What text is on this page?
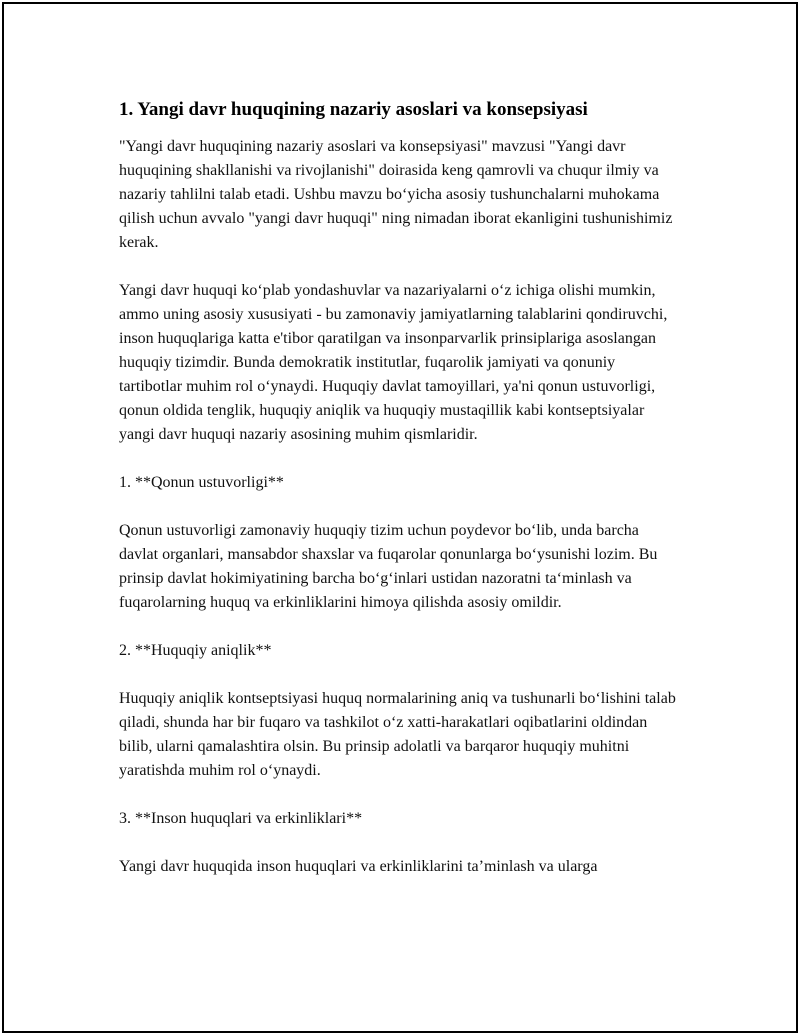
1. Yangi davr huquqining nazariy asoslari va konsepsiyasi

"Yangi davr huquqining nazariy asoslari va konsepsiyasi" mavzusi "Yangi davr huquqining shakllanishi va rivojlanishi" doirasida keng qamrovli va chuqur ilmiy va nazariy tahlilni talab etadi. Ushbu mavzu bo‘yicha asosiy tushunchalarni muhokama qilish uchun avvalo "yangi davr huquqi" ning nimadan iborat ekanligini tushunishimiz kerak.

Yangi davr huquqi ko‘plab yondashuvlar va nazariyalarni o‘z ichiga olishi mumkin, ammo uning asosiy xususiyati - bu zamonaviy jamiyatlarning talablarini qondiruvchi, inson huquqlariga katta e'tibor qaratilgan va insonparvarlik prinsiplariga asoslangan huquqiy tizimdir. Bunda demokratik institutlar, fuqarolik jamiyati va qonuniy tartibotlar muhim rol o‘ynaydi. Huquqiy davlat tamoyillari, ya'ni qonun ustuvorligi, qonun oldida tenglik, huquqiy aniqlik va huquqiy mustaqillik kabi kontseptsiyalar yangi davr huquqi nazariy asosining muhim qismlaridir.

1. **Qonun ustuvorligi**

Qonun ustuvorligi zamonaviy huquqiy tizim uchun poydevor bo‘lib, unda barcha davlat organlari, mansabdor shaxslar va fuqarolar qonunlarga bo‘ysunishi lozim. Bu prinsip davlat hokimiyatining barcha bo‘g‘inlari ustidan nazoratni ta‘minlash va fuqarolarning huquq va erkinliklarini himoya qilishda asosiy omildir.

2. **Huquqiy aniqlik**

Huquqiy aniqlik kontseptsiyasi huquq normalarining aniq va tushunarli bo‘lishini talab qiladi, shunda har bir fuqaro va tashkilot o‘z xatti-harakatlari oqibatlarini oldindan bilib, ularni qamalashtira olsin. Bu prinsip adolatli va barqaror huquqiy muhitni yaratishda muhim rol o‘ynaydi.

3. **Inson huquqlari va erkinliklari**

Yangi davr huquqida inson huquqlari va erkinliklarini ta’minlash va ularga
